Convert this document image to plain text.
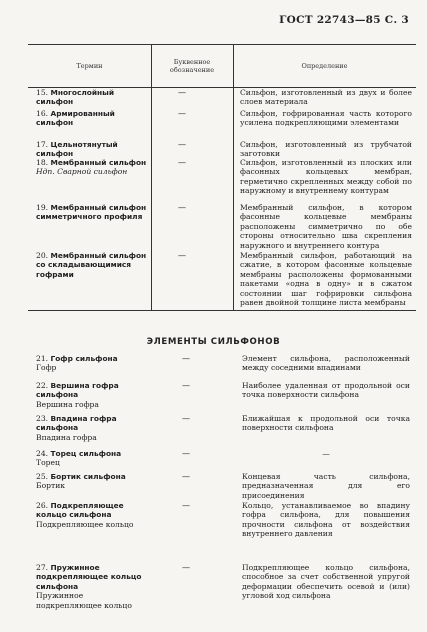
ГОСТ 22743—85 С. 3
Термин	Буквенное обозначение	Определение
15. Многослойный сильфон
—	Сильфон, изготовленный из двух и более слоев материала
16. Армированный сильфон
—	Сильфон, гофрированная часть которого усилена подкрепляющими элементами
17. Цельнотянутый сильфон
—	Сильфон, изготовленный из трубчатой заготовки
18. Мембранный сильфон
Ндп. Сварной сильфон
—	Сильфон, изготовленный из плоских или фасонных кольцевых мембран, герметично скрепленных между собой по наружному и внутреннему контурам
19. Мембранный сильфон симметричного профиля
—	Мембранный сильфон, в котором фасонные кольцевые мембраны расположены симметрично по обе стороны относительно шва скрепления наружного и внутреннего контура
20. Мембранный сильфон со складывающимися гофрами
—	Мембранный сильфон, работающий на сжатие, в котором фасонные кольцевые мембраны расположены формованными пакетами «одна в одну» и в сжатом состоянии шаг гофрировки сильфона равен двойной толщине листа мембраны
ЭЛЕМЕНТЫ СИЛЬФОНОВ
21. Гофр сильфона
Гофр
—	Элемент сильфона, расположенный между соседними впадинами
22. Вершина гофра сильфона
Вершина гофра
—	Наиболее удаленная от продольной оси точка поверхности сильфона
23. Впадина гофра сильфона
Впадина гофра
—	Ближайшая к продольной оси точка поверхности сильфона
24. Торец сильфона
Торец
—	—
25. Бортик сильфона
Бортик
—	Концевая часть сильфона, предназначенная для его присоединения
26. Подкрепляющее кольцо сильфона
Подкрепляющее кольцо
—	Кольцо, устанавливаемое во впадину гофра сильфона, для повышения прочности сильфона от воздействия внутреннего давления
27. Пружинное подкрепляющее кольцо сильфона
Пружинное подкрепляющее кольцо
—	Подкрепляющее кольцо сильфона, способное за счет собственной упругой деформации обеспечить осевой и (или) угловой ход сильфона
